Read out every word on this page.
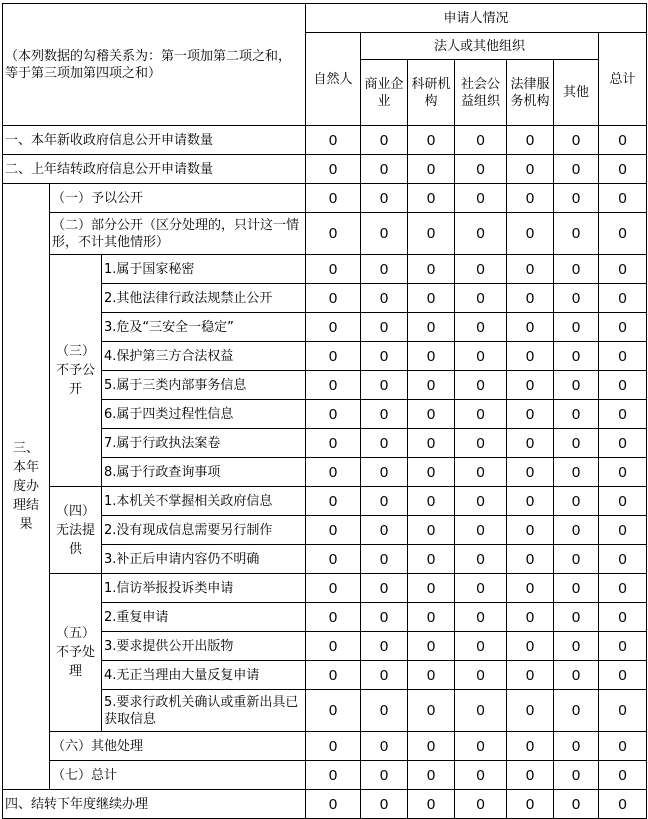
（本列数据的勾稽关系为：第一项加第二项之和，等于第三项加第四项之和）			申请人情况						
			自然人	法人或其他组织					总计
				商业企业	科研机构	社会公益组织	法律服务机构	其他	
一、本年新收政府信息公开申请数量			0	0	0	0	0	0	0
二、上年结转政府信息公开申请数量			0	0	0	0	0	0	0

三、本年度办理结果	（一）予以公开		0	0	0	0	0	0	0
	（二）部分公开（区分处理的，只计这一情形，不计其他情形）		0	0	0	0	0	0	0

	（三）不予公开	1.属于国家秘密	0	0	0	0	0	0	0
		2.其他法律行政法规禁止公开	0	0	0	0	0	0	0
		3.危及“三安全一稳定”	0	0	0	0	0	0	0
		4.保护第三方合法权益	0	0	0	0	0	0	0
		5.属于三类内部事务信息	0	0	0	0	0	0	0
		6.属于四类过程性信息	0	0	0	0	0	0	0
		7.属于行政执法案卷	0	0	0	0	0	0	0
		8.属于行政查询事项	0	0	0	0	0	0	0

	（四）无法提供	1.本机关不掌握相关政府信息	0	0	0	0	0	0	0
		2.没有现成信息需要另行制作	0	0	0	0	0	0	0
		3.补正后申请内容仍不明确	0	0	0	0	0	0	0

	（五）不予处理	1.信访举报投诉类申请	0	0	0	0	0	0	0
		2.重复申请	0	0	0	0	0	0	0
		3.要求提供公开出版物	0	0	0	0	0	0	0
		4.无正当理由大量反复申请	0	0	0	0	0	0	0
		5.要求行政机关确认或重新出具已获取信息	0	0	0	0	0	0	0
	（六）其他处理		0	0	0	0	0	0	0
	（七）总计		0	0	0	0	0	0	0
四、结转下年度继续办理			0	0	0	0	0	0	0
